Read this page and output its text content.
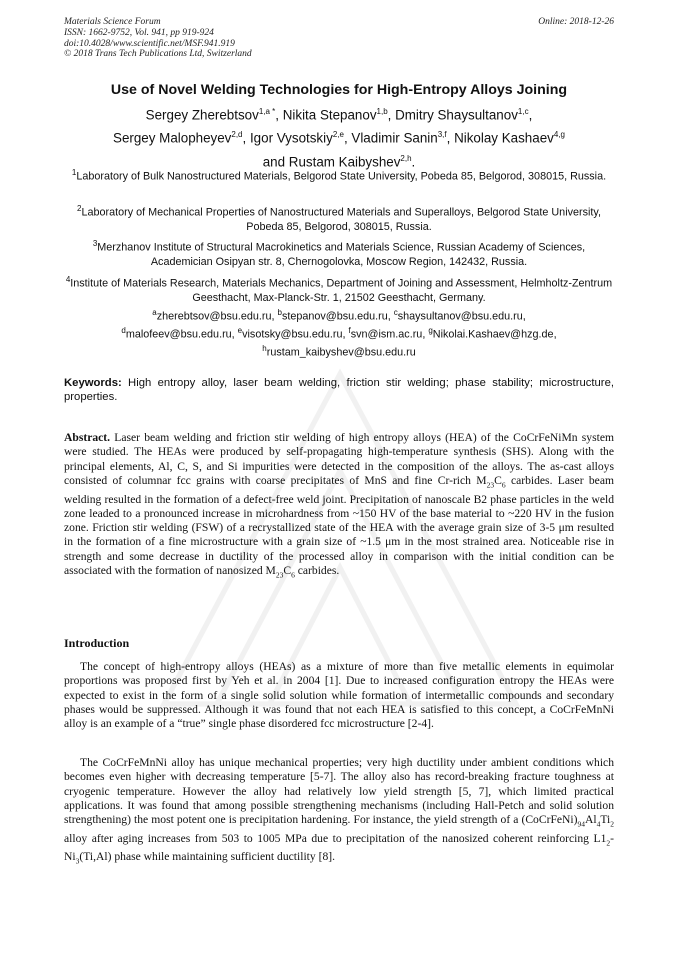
Materials Science Forum
ISSN: 1662-9752, Vol. 941, pp 919-924
doi:10.4028/www.scientific.net/MSF.941.919
© 2018 Trans Tech Publications Ltd, Switzerland
Online: 2018-12-26
Use of Novel Welding Technologies for High-Entropy Alloys Joining
Sergey Zherebtsov$^{1,a *}$, Nikita Stepanov$^{1,b}$, Dmitry Shaysultanov$^{1,c}$,
Sergey Malopheyev$^{2,d}$, Igor Vysotskiy$^{2,e}$, Vladimir Sanin$^{3,f}$, Nikolay Kashaev$^{4,g}$
and Rustam Kaibyshev$^{2,h}$.
$^1$Laboratory of Bulk Nanostructured Materials, Belgorod State University, Pobeda 85, Belgorod, 308015, Russia.
$^2$Laboratory of Mechanical Properties of Nanostructured Materials and Superalloys, Belgorod State University, Pobeda 85, Belgorod, 308015, Russia.
$^3$Merzhanov Institute of Structural Macrokinetics and Materials Science, Russian Academy of Sciences, Academician Osipyan str. 8, Chernogolovka, Moscow Region, 142432, Russia.
$^4$Institute of Materials Research, Materials Mechanics, Department of Joining and Assessment, Helmholtz-Zentrum Geesthacht, Max-Planck-Str. 1, 21502 Geesthacht, Germany.
$^a$zherebtsov@bsu.edu.ru, $^b$stepanov@bsu.edu.ru, $^c$shaysultanov@bsu.edu.ru,
$^d$malofeev@bsu.edu.ru, $^e$visotsky@bsu.edu.ru, $^f$svn@ism.ac.ru, $^g$Nikolai.Kashaev@hzg.de,
$^h$rustam_kaibyshev@bsu.edu.ru
Keywords: High entropy alloy, laser beam welding, friction stir welding; phase stability; microstructure, properties.
Abstract. Laser beam welding and friction stir welding of high entropy alloys (HEA) of the CoCrFeNiMn system were studied. The HEAs were produced by self-propagating high-temperature synthesis (SHS). Along with the principal elements, Al, C, S, and Si impurities were detected in the composition of the alloys. The as-cast alloys consisted of columnar fcc grains with coarse precipitates of MnS and fine Cr-rich $M_{23}C_6$ carbides. Laser beam welding resulted in the formation of a defect-free weld joint. Precipitation of nanoscale B2 phase particles in the weld zone leaded to a pronounced increase in microhardness from ~150 HV of the base material to ~220 HV in the fusion zone. Friction stir welding (FSW) of a recrystallized state of the HEA with the average grain size of 3-5 μm resulted in the formation of a fine microstructure with a grain size of ~1.5 μm in the most strained area. Noticeable rise in strength and some decrease in ductility of the processed alloy in comparison with the initial condition can be associated with the formation of nanosized $M_{23}C_6$ carbides.
Introduction
The concept of high-entropy alloys (HEAs) as a mixture of more than five metallic elements in equimolar proportions was proposed first by Yeh et al. in 2004 [1]. Due to increased configuration entropy the HEAs were expected to exist in the form of a single solid solution while formation of intermetallic compounds and secondary phases would be suppressed. Although it was found that not each HEA is satisfied to this concept, a CoCrFeMnNi alloy is an example of a “true” single phase disordered fcc microstructure [2-4].
The CoCrFeMnNi alloy has unique mechanical properties; very high ductility under ambient conditions which becomes even higher with decreasing temperature [5-7]. The alloy also has record-breaking fracture toughness at cryogenic temperature. However the alloy had relatively low yield strength [5, 7], which limited practical applications. It was found that among possible strengthening mechanisms (including Hall-Petch and solid solution strengthening) the most potent one is precipitation hardening. For instance, the yield strength of a $(CoCrFeNi)_{94}Al_4Ti_2$ alloy after aging increases from 503 to 1005 MPa due to precipitation of the nanosized coherent reinforcing $L1_2-Ni_3(Ti,Al)$ phase while maintaining sufficient ductility [8].
